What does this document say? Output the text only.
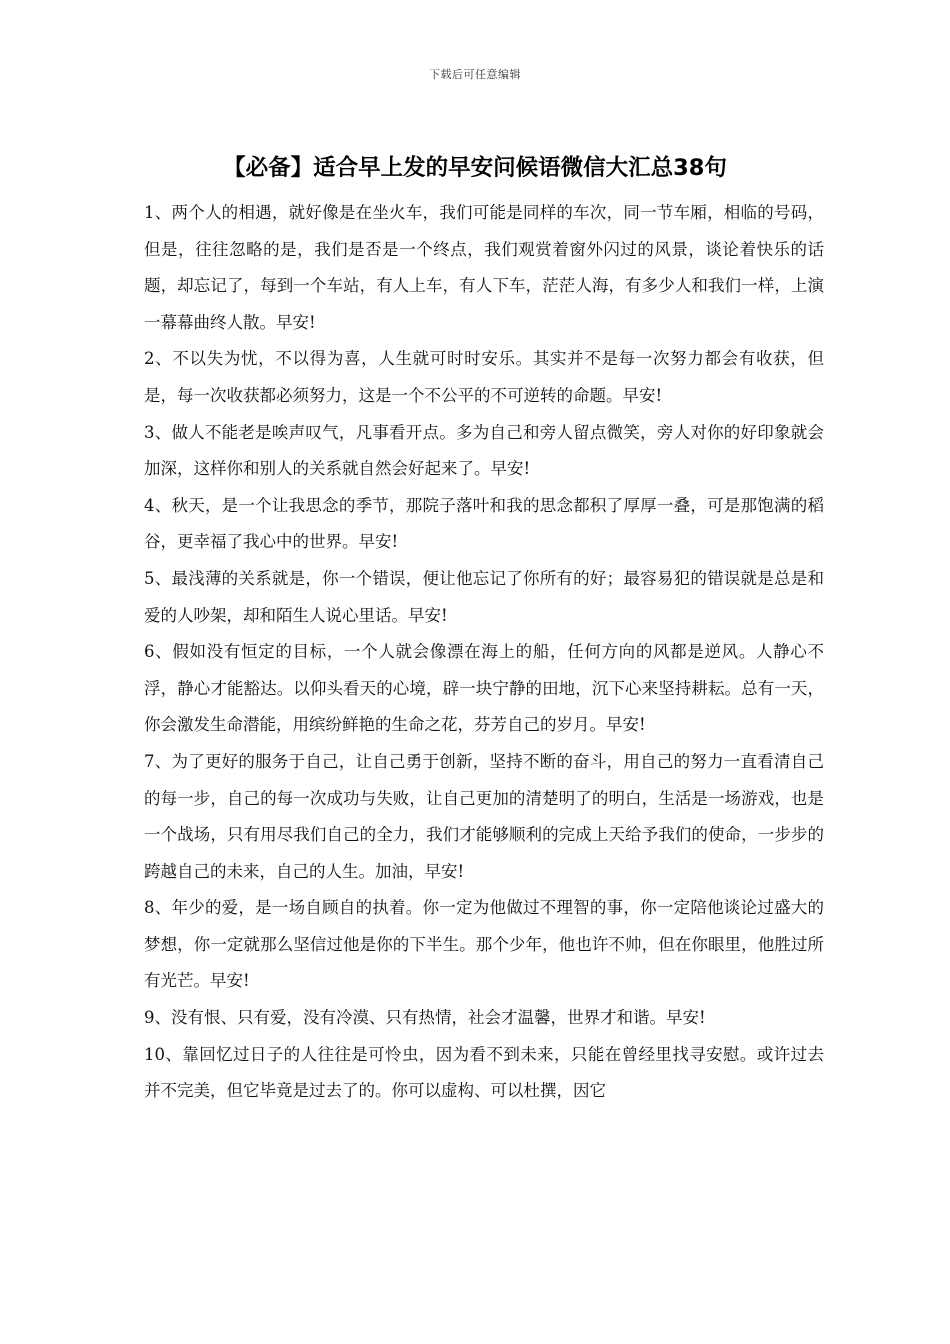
下载后可任意编辑
【必备】适合早上发的早安问候语微信大汇总38句

1、两个人的相遇，就好像是在坐火车，我们可能是同样的车次，同一节车厢，相临的号码，但是，往往忽略的是，我们是否是一个终点，我们观赏着窗外闪过的风景，谈论着快乐的话题，却忘记了，每到一个车站，有人上车，有人下车，茫茫人海，有多少人和我们一样，上演一幕幕曲终人散。早安!

2、不以失为忧，不以得为喜，人生就可时时安乐。其实并不是每一次努力都会有收获，但是，每一次收获都必须努力，这是一个不公平的不可逆转的命题。早安!

3、做人不能老是唉声叹气，凡事看开点。多为自己和旁人留点微笑，旁人对你的好印象就会加深，这样你和别人的关系就自然会好起来了。早安!

4、秋天，是一个让我思念的季节，那院子落叶和我的思念都积了厚厚一叠，可是那饱满的稻谷，更幸福了我心中的世界。早安!

5、最浅薄的关系就是，你一个错误，便让他忘记了你所有的好；最容易犯的错误就是总是和爱的人吵架，却和陌生人说心里话。早安!

6、假如没有恒定的目标，一个人就会像漂在海上的船，任何方向的风都是逆风。人静心不浮，静心才能豁达。以仰头看天的心境，辟一块宁静的田地，沉下心来坚持耕耘。总有一天，你会激发生命潜能，用缤纷鲜艳的生命之花，芬芳自己的岁月。早安!

7、为了更好的服务于自己，让自己勇于创新，坚持不断的奋斗，用自己的努力一直看清自己的每一步，自己的每一次成功与失败，让自己更加的清楚明了的明白，生活是一场游戏，也是一个战场，只有用尽我们自己的全力，我们才能够顺利的完成上天给予我们的使命，一步步的跨越自己的未来，自己的人生。加油，早安!

8、年少的爱，是一场自顾自的执着。你一定为他做过不理智的事，你一定陪他谈论过盛大的梦想，你一定就那么坚信过他是你的下半生。那个少年，他也许不帅，但在你眼里，他胜过所有光芒。早安!

9、没有恨、只有爱，没有冷漠、只有热情，社会才温馨，世界才和谐。早安!

10、靠回忆过日子的人往往是可怜虫，因为看不到未来，只能在曾经里找寻安慰。或许过去并不完美，但它毕竟是过去了的。你可以虚构、可以杜撰，因它
